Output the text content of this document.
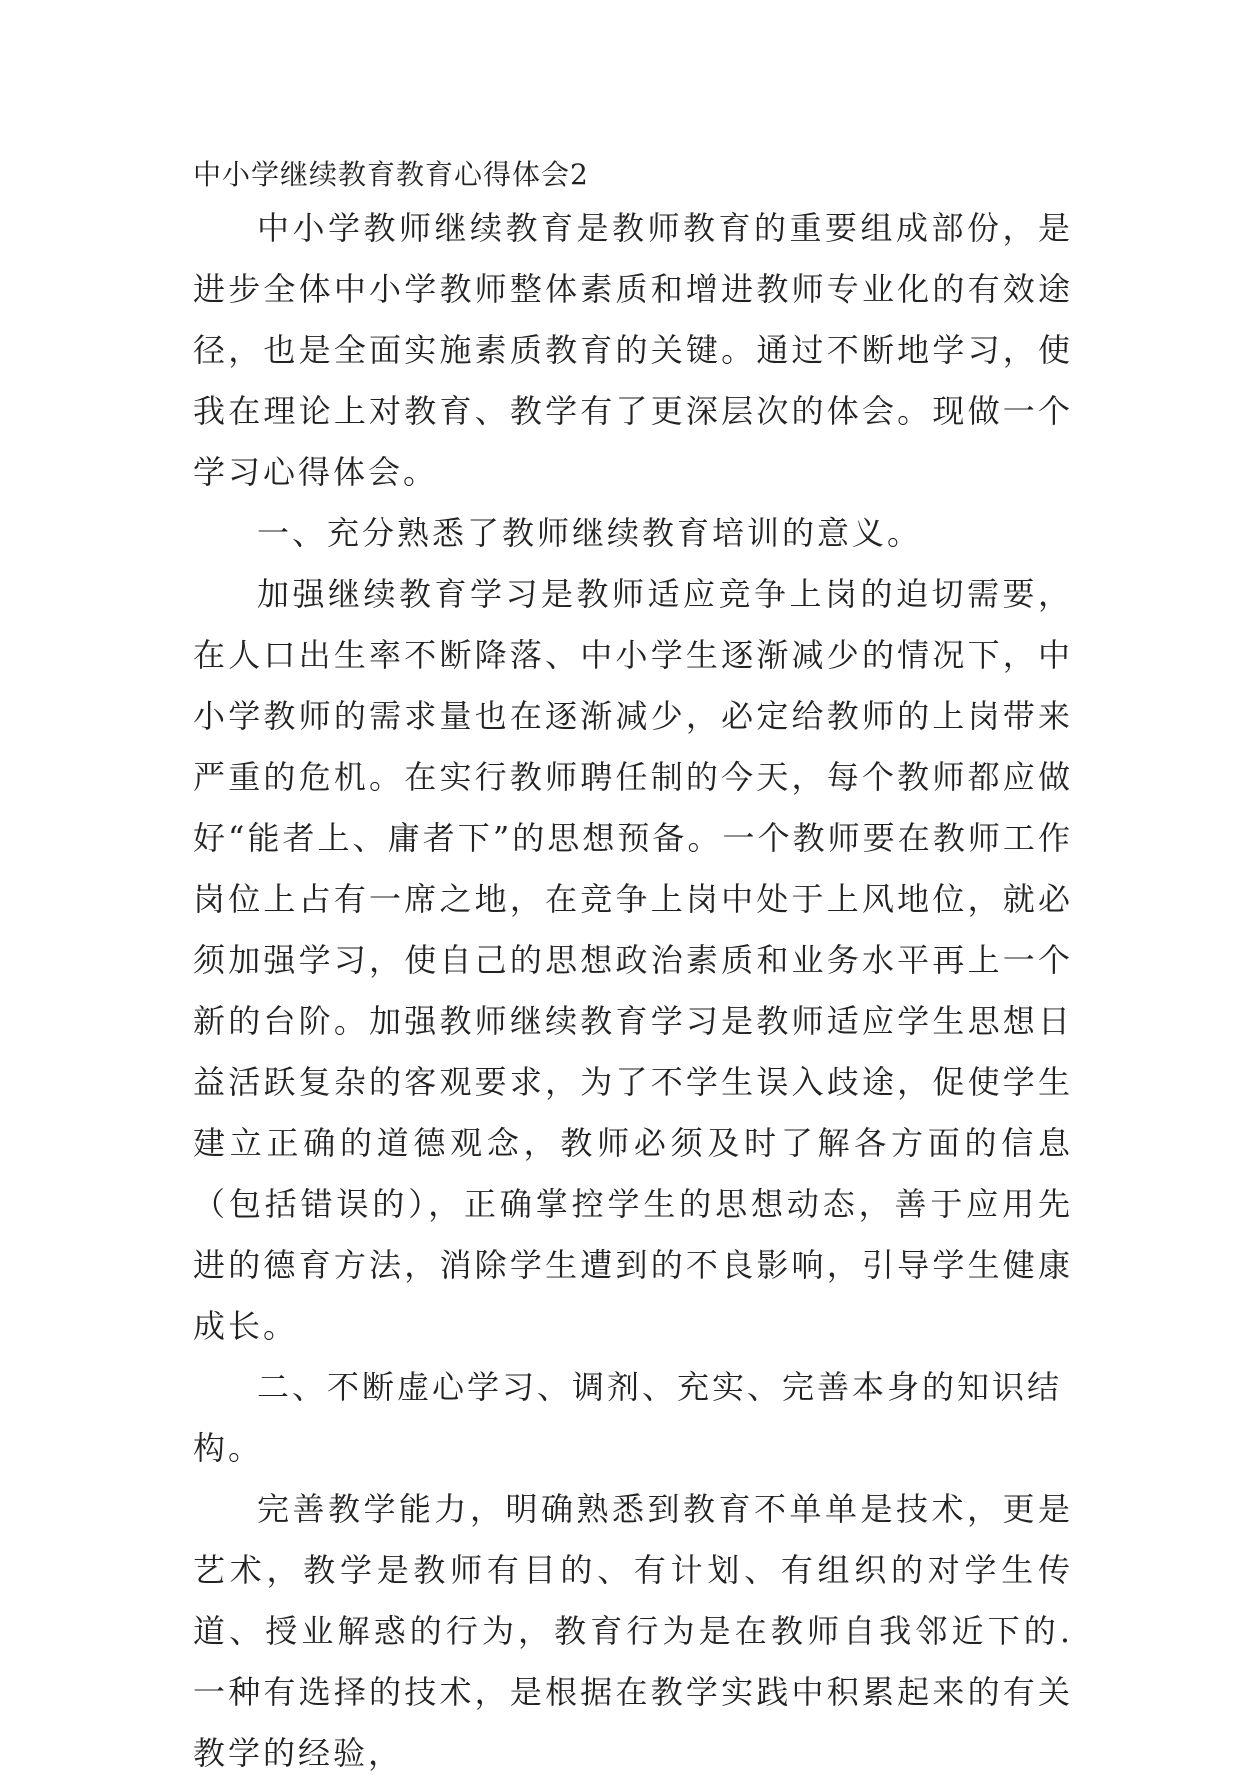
中小学继续教育教育心得体会2

中小学教师继续教育是教师教育的重要组成部份，是进步全体中小学教师整体素质和增进教师专业化的有效途径，也是全面实施素质教育的关键。通过不断地学习，使我在理论上对教育、教学有了更深层次的体会。现做一个学习心得体会。

一、充分熟悉了教师继续教育培训的意义。

加强继续教育学习是教师适应竞争上岗的迫切需要，在人口出生率不断降落、中小学生逐渐减少的情况下，中小学教师的需求量也在逐渐减少，必定给教师的上岗带来严重的危机。在实行教师聘任制的今天，每个教师都应做好“能者上、庸者下”的思想预备。一个教师要在教师工作岗位上占有一席之地，在竞争上岗中处于上风地位，就必须加强学习，使自己的思想政治素质和业务水平再上一个新的台阶。加强教师继续教育学习是教师适应学生思想日益活跃复杂的客观要求，为了不学生误入歧途，促使学生建立正确的道德观念，教师必须及时了解各方面的信息（包括错误的），正确掌控学生的思想动态，善于应用先进的德育方法，消除学生遭到的不良影响，引导学生健康成长。

二、不断虚心学习、调剂、充实、完善本身的知识结构。

完善教学能力，明确熟悉到教育不单单是技术，更是艺术，教学是教师有目的、有计划、有组织的对学生传道、授业解惑的行为，教育行为是在教师自我邻近下的. 一种有选择的技术，是根据在教学实践中积累起来的有关教学的经验，
